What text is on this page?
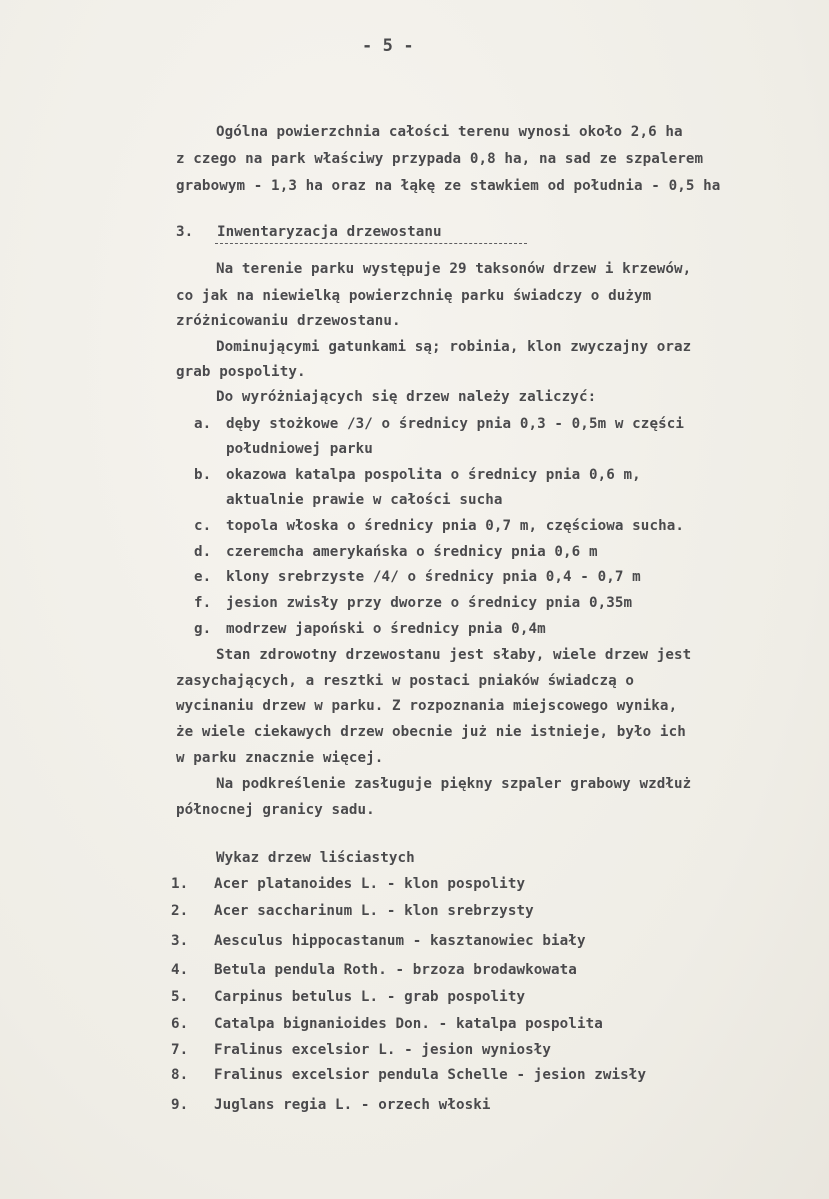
- 5 -
Ogólna powierzchnia całości terenu wynosi około 2,6 ha
z czego na park właściwy przypada 0,8 ha, na sad ze szpalerem
grabowym - 1,3 ha oraz na łąkę ze stawkiem od południa - 0,5 ha
3. Inwentaryzacja drzewostanu
Na terenie parku występuje 29 taksonów drzew i krzewów,
co jak na niewielką powierzchnię parku świadczy o dużym
zróżnicowaniu drzewostanu.
Dominującymi gatunkami są; robinia, klon zwyczajny oraz
grab pospolity.
Do wyróżniających się drzew należy zaliczyć:
a. dęby stożkowe /3/ o średnicy pnia 0,3 - 0,5m w części
południowej parku
b. okazowa katalpa pospolita o średnicy pnia 0,6 m,
aktualnie prawie w całości sucha
c. topola włoska o średnicy pnia 0,7 m, częściowa sucha.
d. czeremcha amerykańska o średnicy pnia 0,6 m
e. klony srebrzyste /4/ o średnicy pnia 0,4 - 0,7 m
f. jesion zwisły przy dworze o średnicy pnia 0,35m
g. modrzew japoński o średnicy pnia 0,4m
Stan zdrowotny drzewostanu jest słaby, wiele drzew jest
zasychających, a resztki w postaci pniaków świadczą o
wycinaniu drzew w parku. Z rozpoznania miejscowego wynika,
że wiele ciekawych drzew obecnie już nie istnieje, było ich
w parku znacznie więcej.
Na podkreślenie zasługuje piękny szpaler grabowy wzdłuż
północnej granicy sadu.
Wykaz drzew liściastych
1. Acer platanoides L. - klon pospolity
2. Acer saccharinum L. - klon srebrzysty
3. Aesculus hippocastanum - kasztanowiec biały
4. Betula pendula Roth. - brzoza brodawkowata
5. Carpinus betulus L. - grab pospolity
6. Catalpa bignanioides Don. - katalpa pospolita
7. Fralinus excelsior L. - jesion wyniosły
8. Fralinus excelsior pendula Schelle - jesion zwisły
9. Juglans regia L. - orzech włoski
